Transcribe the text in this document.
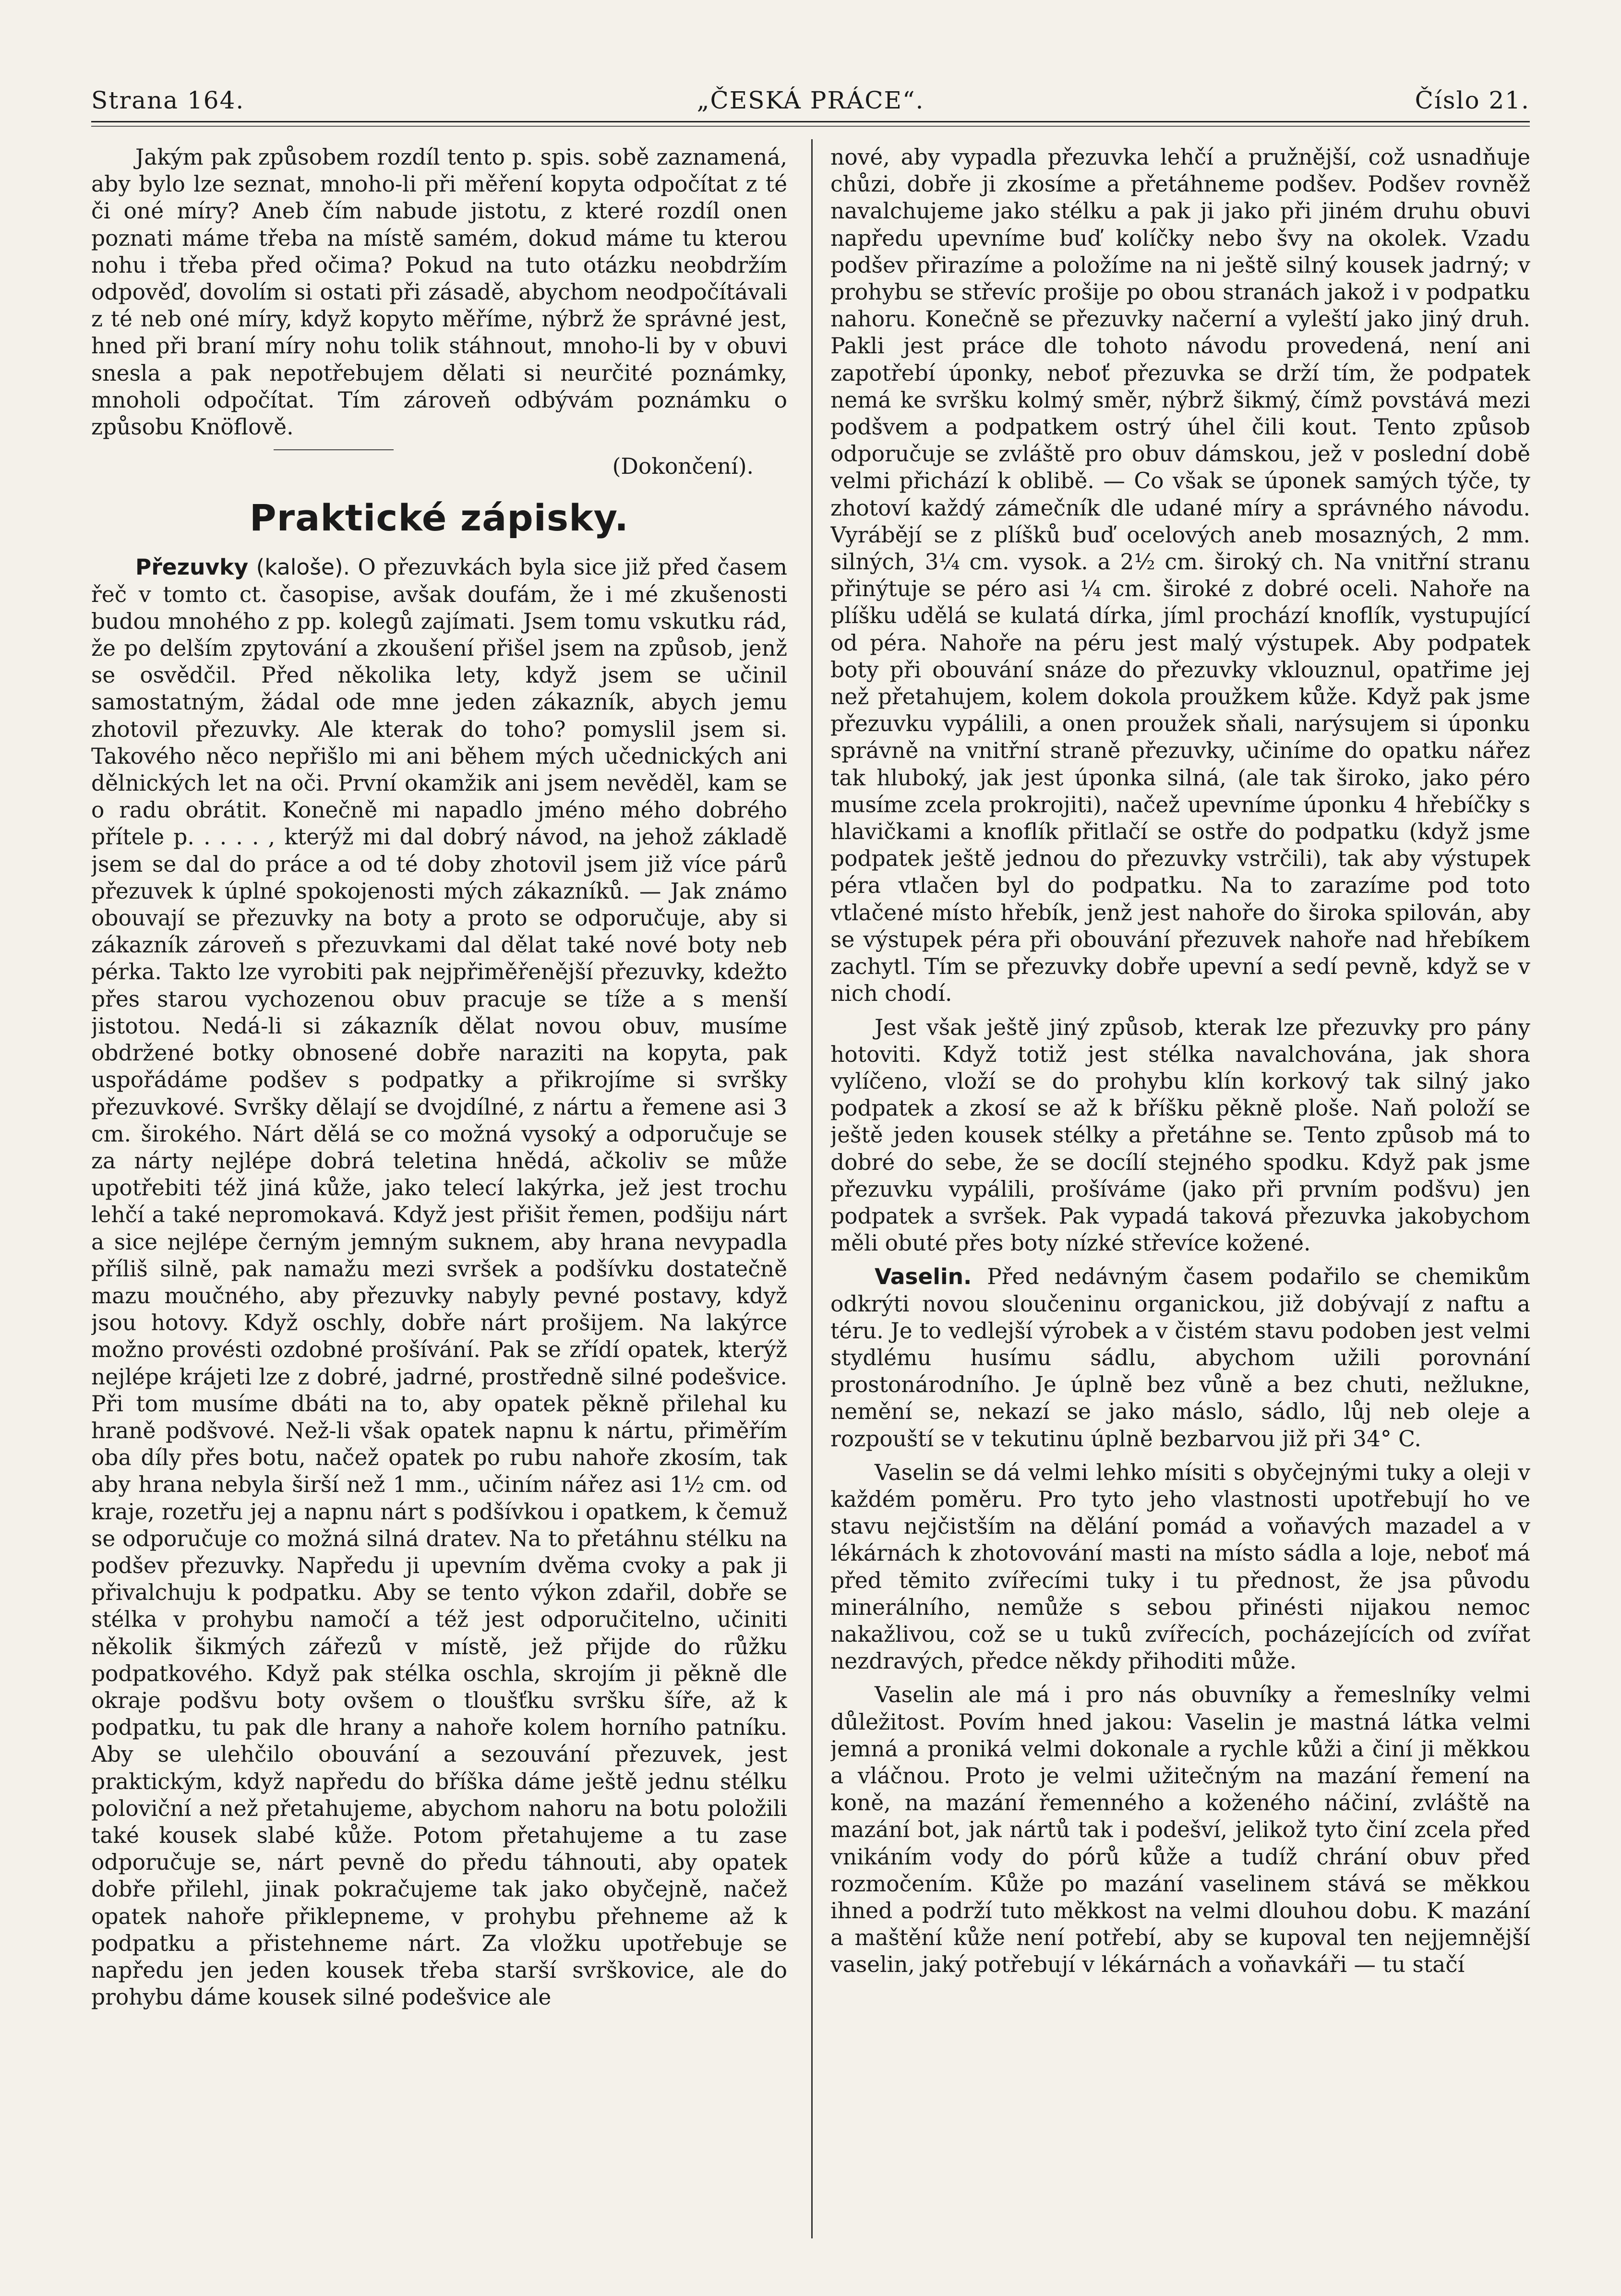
Strana 164.	„ČESKÁ PRÁCE“.	Číslo 21.

Jakým pak způsobem rozdíl tento p. spis. sobě zaznamená, aby bylo lze seznat, mnoho-li při měření kopyta odpočítat z té či oné míry? Aneb čím nabude jistotu, z které rozdíl onen poznati máme třeba na místě samém, dokud máme tu kterou nohu i třeba před očima? Pokud na tuto otázku neobdržím odpověď, dovolím si ostati při zásadě, abychom neodpočítávali z té neb oné míry, když kopyto měříme, nýbrž že správné jest, hned při braní míry nohu tolik stáhnout, mnoho-li by v obuvi snesla a pak nepotřebujem dělati si neurčité poznámky, mnoholi odpočítat. Tím zároveň odbývám poznámku o způsobu Knöflově.

(Dokončení).
Praktické zápisky.

Přezuvky (kaloše). O přezuvkách byla sice již před časem řeč v tomto ct. časopise, avšak doufám, že i mé zkušenosti budou mnohého z pp. kolegů zajímati. Jsem tomu vskutku rád, že po delším zpytování a zkoušení přišel jsem na způsob, jenž se osvědčil. Před několika lety, když jsem se učinil samostatným, žádal ode mne jeden zákazník, abych jemu zhotovil přezuvky. Ale kterak do toho? pomyslil jsem si. Takového něco nepřišlo mi ani během mých učednických ani dělnických let na oči. První okamžik ani jsem nevěděl, kam se o radu obrátit. Konečně mi napadlo jméno mého dobrého přítele p. . . . . , kterýž mi dal dobrý návod, na jehož základě jsem se dal do práce a od té doby zhotovil jsem již více párů přezuvek k úplné spokojenosti mých zákazníků. — Jak známo obouvají se přezuvky na boty a proto se odporučuje, aby si zákazník zároveň s přezuvkami dal dělat také nové boty neb pérka. Takto lze vyrobiti pak nejpřiměřenější přezuvky, kdežto přes starou vychozenou obuv pracuje se tíže a s menší jistotou. Nedá-li si zákazník dělat novou obuv, musíme obdržené botky obnosené dobře naraziti na kopyta, pak uspořádáme podšev s podpatky a přikrojíme si svršky přezuvkové. Svršky dělají se dvojdílné, z nártu a řemene asi 3 cm. širokého. Nárt dělá se co možná vysoký a odporučuje se za nárty nejlépe dobrá teletina hnědá, ačkoliv se může upotřebiti též jiná kůže, jako telecí lakýrka, jež jest trochu lehčí a také nepromokavá. Když jest přišit řemen, podšiju nárt a sice nejlépe černým jemným suknem, aby hrana nevypadla příliš silně, pak namažu mezi svršek a podšívku dostatečně mazu moučného, aby přezuvky nabyly pevné postavy, když jsou hotovy. Když oschly, dobře nárt prošijem. Na lakýrce možno provésti ozdobné prošívání. Pak se zřídí opatek, kterýž nejlépe krájeti lze z dobré, jadrné, prostředně silné podešvice. Při tom musíme dbáti na to, aby opatek pěkně přilehal ku hraně podšvové. Než-li však opatek napnu k nártu, přiměřím oba díly přes botu, načež opatek po rubu nahoře zkosím, tak aby hrana nebyla širší než 1 mm., učiním nářez asi 1½ cm. od kraje, rozetřu jej a napnu nárt s podšívkou i opatkem, k čemuž se odporučuje co možná silná dratev. Na to přetáhnu stélku na podšev přezuvky. Napředu ji upevním dvěma cvoky a pak ji přivalchuju k podpatku. Aby se tento výkon zdařil, dobře se stélka v prohybu namočí a též jest odporučitelno, učiniti několik šikmých zářezů v místě, jež přijde do růžku podpatkového. Když pak stélka oschla, skrojím ji pěkně dle okraje podšvu boty ovšem o tloušťku svršku šíře, až k podpatku, tu pak dle hrany a nahoře kolem horního patníku. Aby se ulehčilo obouvání a sezouvání přezuvek, jest praktickým, když napředu do bříška dáme ještě jednu stélku poloviční a než přetahujeme, abychom nahoru na botu položili také kousek slabé kůže. Potom přetahujeme a tu zase odporučuje se, nárt pevně do předu táhnouti, aby opatek dobře přilehl, jinak pokračujeme tak jako obyčejně, načež opatek nahoře přiklepneme, v prohybu přehneme až k podpatku a přistehneme nárt. Za vložku upotřebuje se napředu jen jeden kousek třeba starší svrškovice, ale do prohybu dáme kousek silné podešvice ale

nové, aby vypadla přezuvka lehčí a pružnější, což usnadňuje chůzi, dobře ji zkosíme a přetáhneme podšev. Podšev rovněž navalchujeme jako stélku a pak ji jako při jiném druhu obuvi napředu upevníme buď kolíčky nebo švy na okolek. Vzadu podšev přirazíme a položíme na ni ještě silný kousek jadrný; v prohybu se střevíc prošije po obou stranách jakož i v podpatku nahoru. Konečně se přezuvky načerní a vyleští jako jiný druh. Pakli jest práce dle tohoto návodu provedená, není ani zapotřebí úponky, neboť přezuvka se drží tím, že podpatek nemá ke svršku kolmý směr, nýbrž šikmý, čímž povstává mezi podšvem a podpatkem ostrý úhel čili kout. Tento způsob odporučuje se zvláště pro obuv dámskou, jež v poslední době velmi přichází k oblibě. — Co však se úponek samých týče, ty zhotoví každý zámečník dle udané míry a správného návodu. Vyrábějí se z plíšků buď ocelových aneb mosazných, 2 mm. silných, 3¼ cm. vysok. a 2½ cm. široký ch. Na vnitřní stranu přinýtuje se péro asi ¼ cm. široké z dobré oceli. Nahoře na plíšku udělá se kulatá dírka, jíml prochází knoflík, vystupující od péra. Nahoře na péru jest malý výstupek. Aby podpatek boty při obouvání snáze do přezuvky vklouznul, opatřime jej než přetahujem, kolem dokola proužkem kůže. Když pak jsme přezuvku vypálili, a onen proužek sňali, narýsujem si úponku správně na vnitřní straně přezuvky, učiníme do opatku nářez tak hluboký, jak jest úponka silná, (ale tak široko, jako péro musíme zcela prokrojiti), načež upevníme úponku 4 hřebíčky s hlavičkami a knoflík přitlačí se ostře do podpatku (když jsme podpatek ještě jednou do přezuvky vstrčili), tak aby výstupek péra vtlačen byl do podpatku. Na to zarazíme pod toto vtlačené místo hřebík, jenž jest nahoře do široka spilován, aby se výstupek péra při obouvání přezuvek nahoře nad hřebíkem zachytl. Tím se přezuvky dobře upevní a sedí pevně, když se v nich chodí.

Jest však ještě jiný způsob, kterak lze přezuvky pro pány hotoviti. Když totiž jest stélka navalchována, jak shora vylíčeno, vloží se do prohybu klín korkový tak silný jako podpatek a zkosí se až k bříšku pěkně ploše. Naň položí se ještě jeden kousek stélky a přetáhne se. Tento způsob má to dobré do sebe, že se docílí stejného spodku. Když pak jsme přezuvku vypálili, prošíváme (jako při prvním podšvu) jen podpatek a svršek. Pak vypadá taková přezuvka jakobychom měli obuté přes boty nízké střevíce kožené.

Vaselin. Před nedávným časem podařilo se chemikům odkrýti novou sloučeninu organickou, již dobývají z naftu a téru. Je to vedlejší výrobek a v čistém stavu podoben jest velmi stydlému husímu sádlu, abychom užili porovnání prostonárodního. Je úplně bez vůně a bez chuti, nežlukne, nemění se, nekazí se jako máslo, sádlo, lůj neb oleje a rozpouští se v tekutinu úplně bezbarvou již při 34° C.

Vaselin se dá velmi lehko mísiti s obyčejnými tuky a oleji v každém poměru. Pro tyto jeho vlastnosti upotřebují ho ve stavu nejčistším na dělání pomád a voňavých mazadel a v lékárnách k zhotovování masti na místo sádla a loje, neboť má před těmito zvířecími tuky i tu přednost, že jsa původu minerálního, nemůže s sebou přinésti nijakou nemoc nakažlivou, což se u tuků zvířecích, pocházejících od zvířat nezdravých, předce někdy přihoditi může.

Vaselin ale má i pro nás obuvníky a řemeslníky velmi důležitost. Povím hned jakou: Vaselin je mastná látka velmi jemná a proniká velmi dokonale a rychle kůži a činí ji měkkou a vláčnou. Proto je velmi užitečným na mazání řemení na koně, na mazání řemenného a koženého náčiní, zvláště na mazání bot, jak nártů tak i podešví, jelikož tyto činí zcela před vnikáním vody do pórů kůže a tudíž chrání obuv před rozmočením. Kůže po mazání vaselinem stává se měkkou ihned a podrží tuto měkkost na velmi dlouhou dobu. K mazání a maštění kůže není potřebí, aby se kupoval ten nejjemnější vaselin, jaký potřebují v lékárnách a voňavkáři — tu stačí
